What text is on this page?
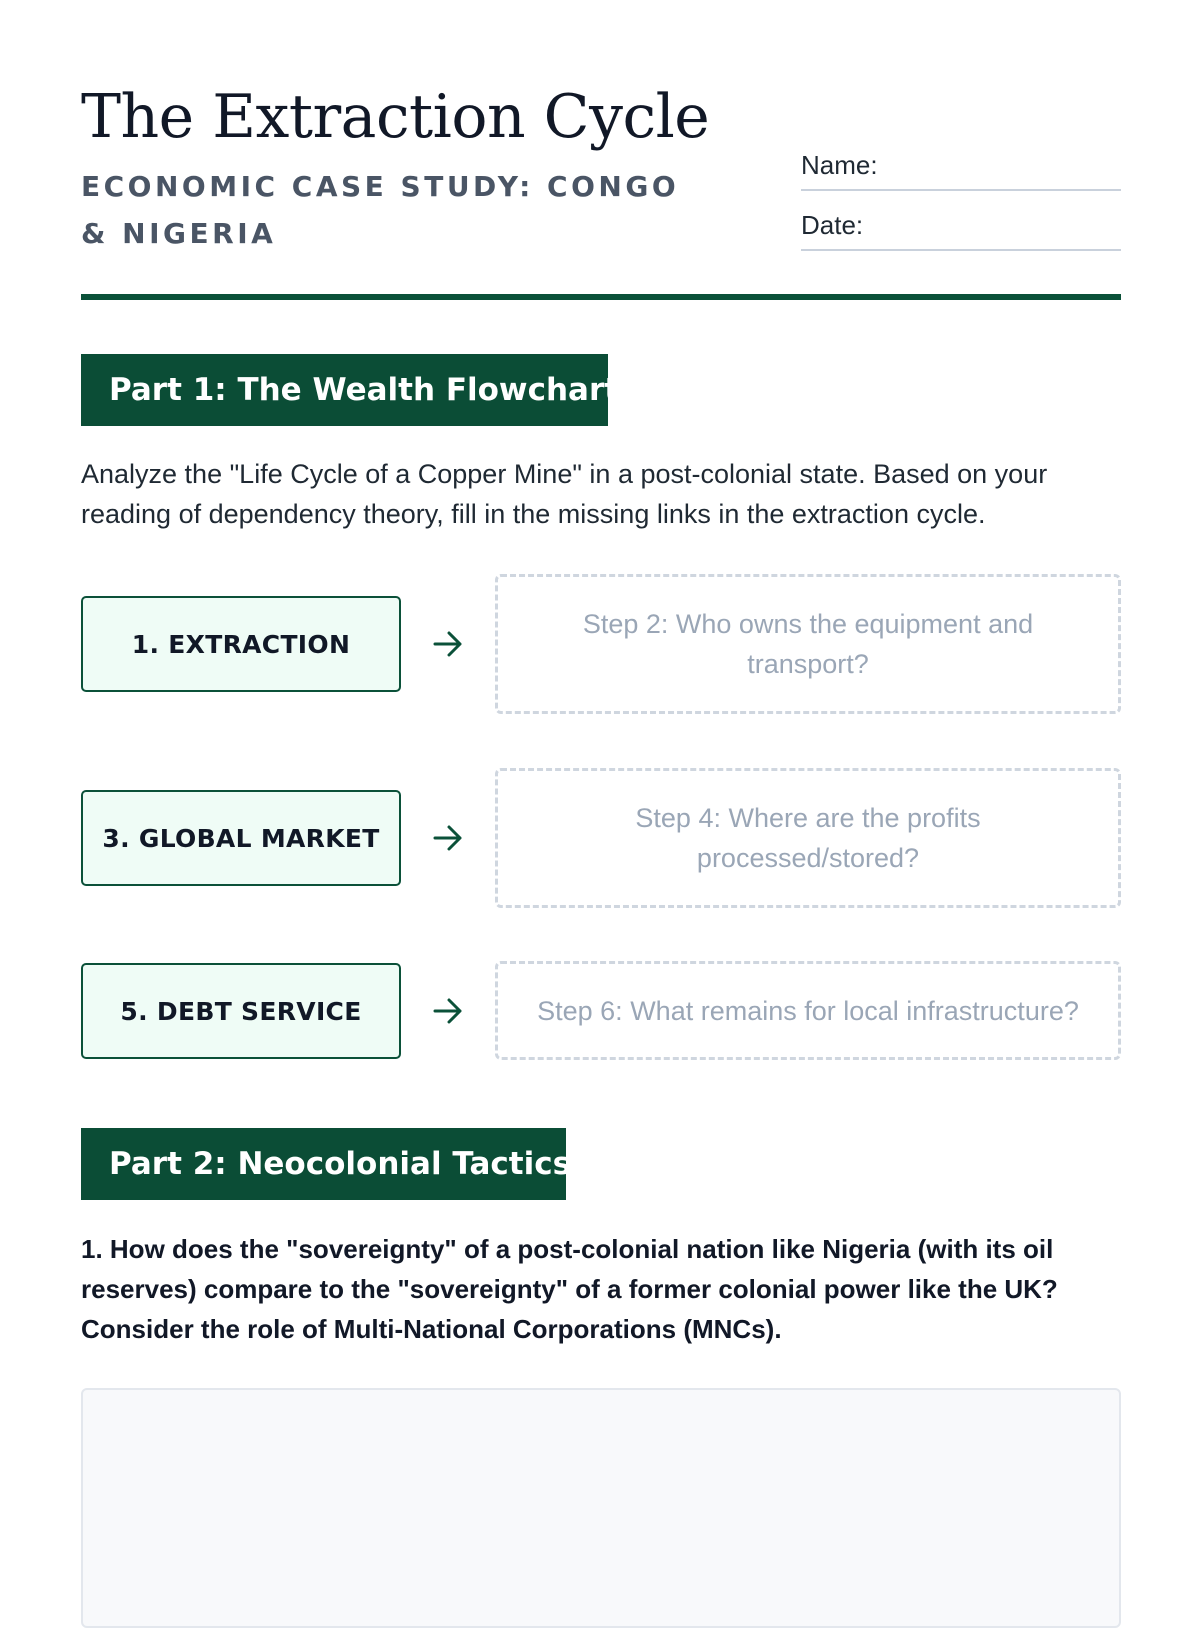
The Extraction Cycle
ECONOMIC CASE STUDY: CONGO & NIGERIA
Name:
Date:
Part 1: The Wealth Flowchart

Analyze the "Life Cycle of a Copper Mine" in a post-colonial state. Based on your reading of dependency theory, fill in the missing links in the extraction cycle.

1. EXTRACTION
Step 2: Who owns the equipment and transport?
3. GLOBAL MARKET
Step 4: Where are the profits processed/stored?
5. DEBT SERVICE	Step 6: What remains for local infrastructure?
Part 2: Neocolonial Tactics

1. How does the "sovereignty" of a post-colonial nation like Nigeria (with its oil reserves) compare to the "sovereignty" of a former colonial power like the UK? Consider the role of Multi-National Corporations (MNCs).
